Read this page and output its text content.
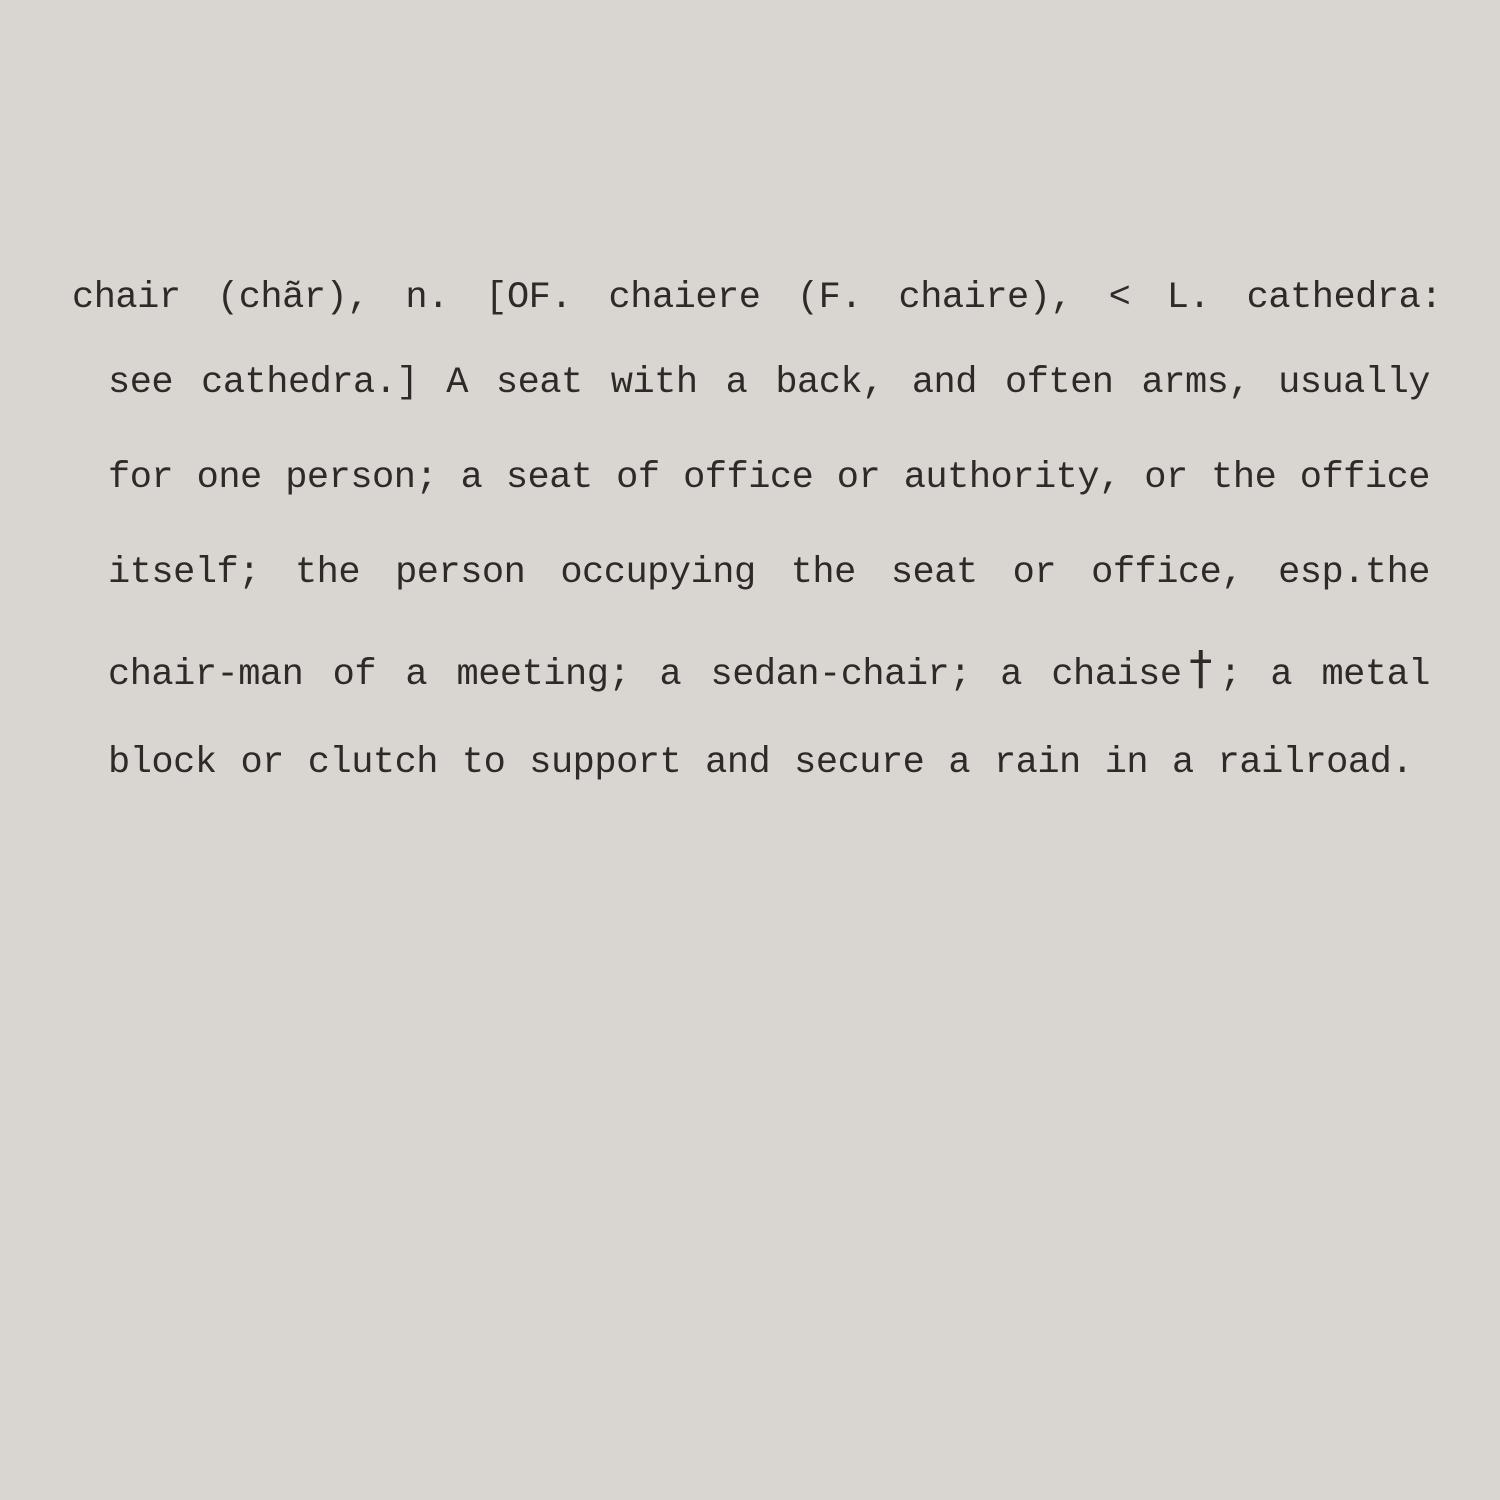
chair (chãr), n. [OF. chaiere (F. chaire), < L. cathedra:
see cathedra.] A seat with a back, and often arms, usually
for one person; a seat of office or authority, or the office
itself; the person occupying the seat or office, esp.the
chair-man of a meeting; a sedan-chair; a chaise†; a metal
block or clutch to support and secure a rain in a railroad.
